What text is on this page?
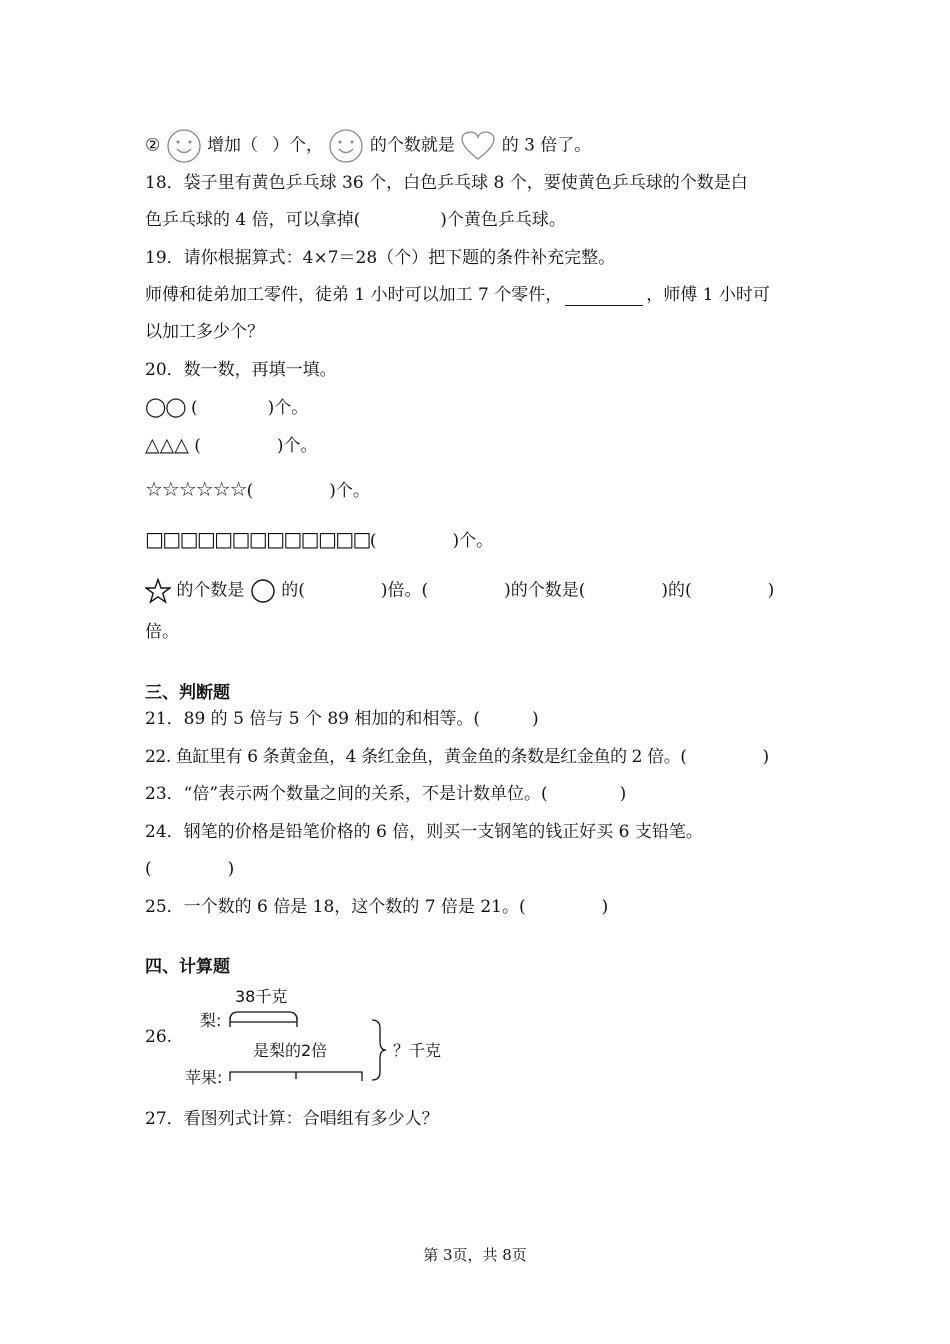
②	增加（ ）个，	的个数就是	的 3 倍了。
18．袋子里有黄色乒乓球 36 个，白色乒乓球 8 个，要使黄色乒乓球的个数是白
色乒乓球的 4 倍，可以拿掉(	)个黄色乒乓球。
19．请你根据算式：4×7＝28（个）把下题的条件补充完整。
师傅和徒弟加工零件，徒弟 1 小时可以加工 7 个零件，	，师傅 1 小时可
以加工多少个？
20．数一数，再填一填。
◯◯ (	)个。
△△△ (	)个。
☆☆☆☆☆☆(	)个。
□□□□□□□□□□□□□(	)个。
的个数是 的(	)倍。(	)的个数是(	)的(	)
倍。
三、判断题
21．89 的 5 倍与 5 个 89 相加的和相等。(	)
22. 鱼缸里有 6 条黄金鱼，4 条红金鱼，黄金鱼的条数是红金鱼的 2 倍。(	)
23．“倍”表示两个数量之间的关系，不是计数单位。(	)
24．钢笔的价格是铅笔价格的 6 倍，则买一支钢笔的钱正好买 6 支铅笔。
(	)
25．一个数的 6 倍是 18，这个数的 7 倍是 21。(	)
四、计算题
26.
38千克
梨:
是梨的2倍
苹果:
？千克
27．看图列式计算：合唱组有多少人？
第 3页，共 8页
